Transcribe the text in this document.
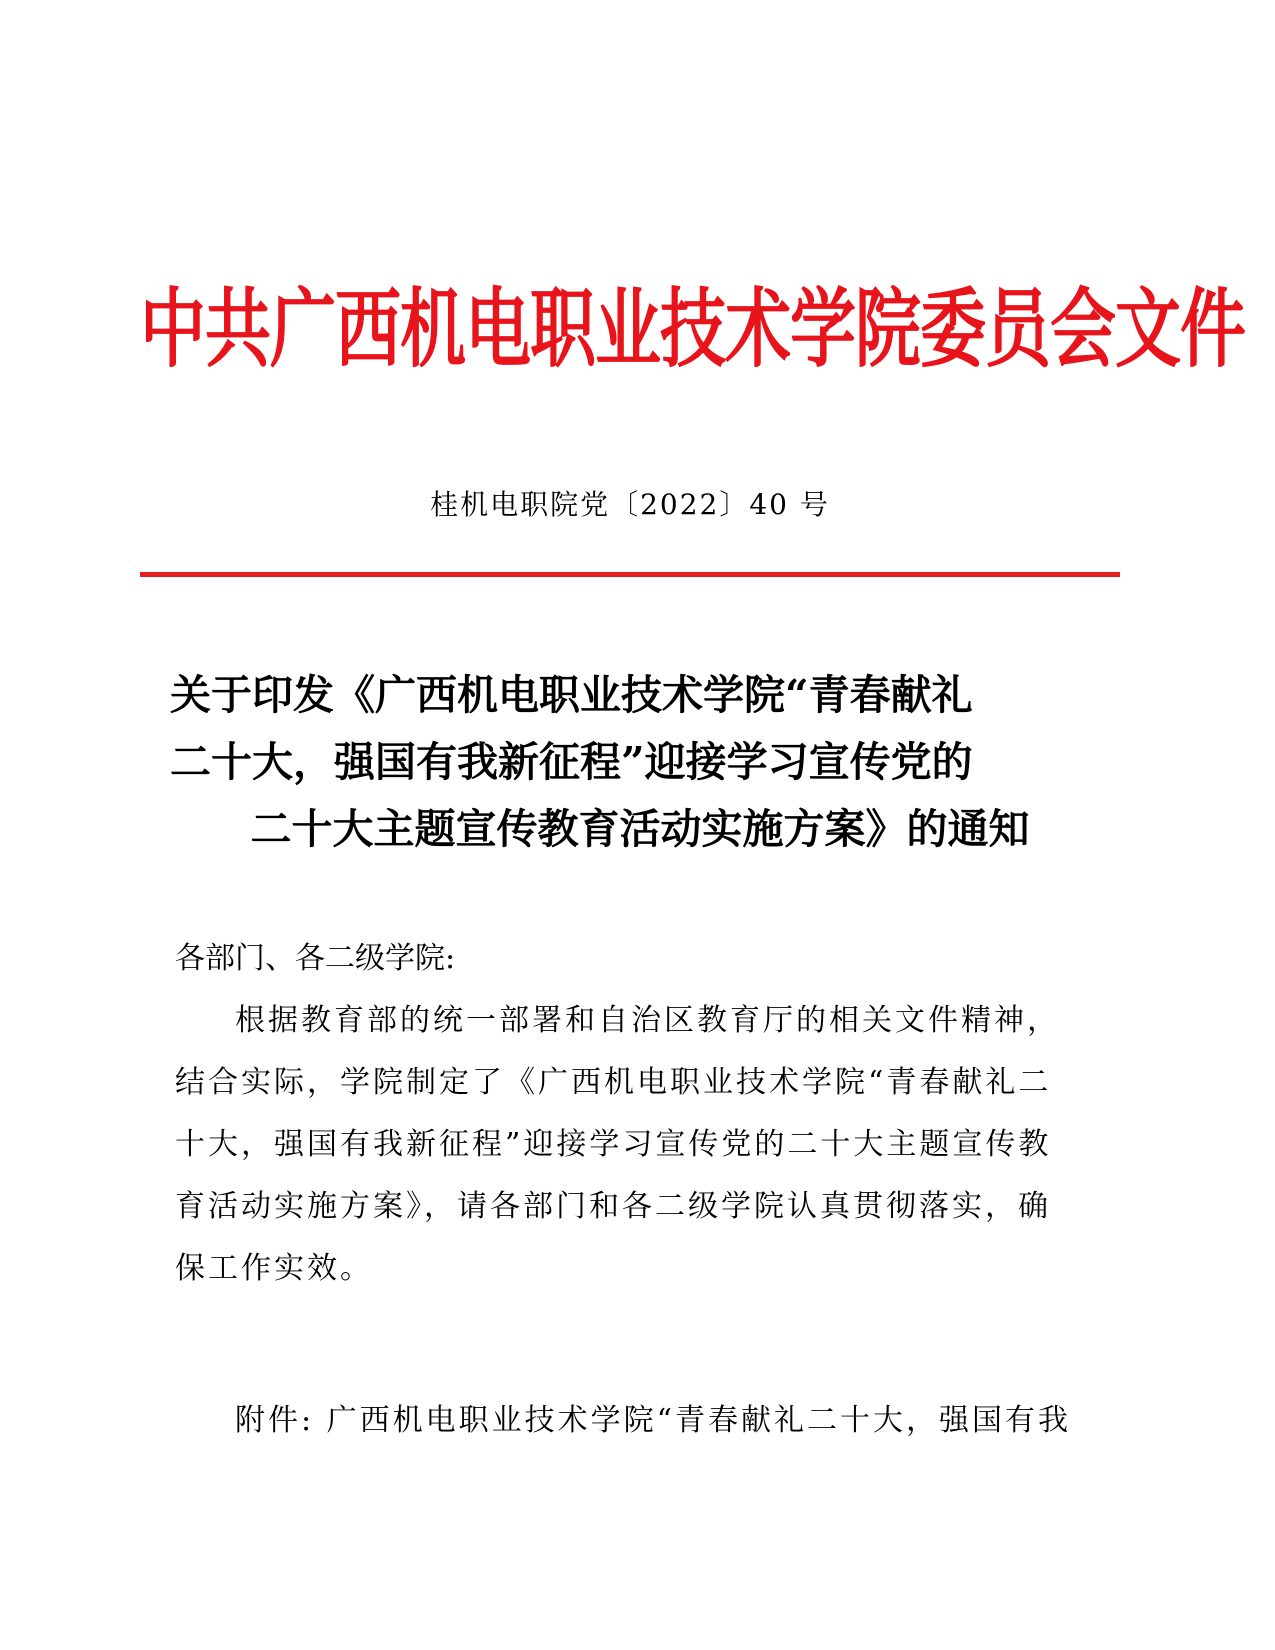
中共广西机电职业技术学院委员会文件
桂机电职院党〔2022〕40 号
关于印发《广西机电职业技术学院“青春献礼
二十大，强国有我新征程”迎接学习宣传党的
二十大主题宣传教育活动实施方案》的通知
各部门、各二级学院:
根据教育部的统一部署和自治区教育厅的相关文件精神，
结合实际，学院制定了《广西机电职业技术学院“青春献礼二
十大，强国有我新征程”迎接学习宣传党的二十大主题宣传教
育活动实施方案》，请各部门和各二级学院认真贯彻落实，确
保工作实效。
附件: 广西机电职业技术学院“青春献礼二十大，强国有我
